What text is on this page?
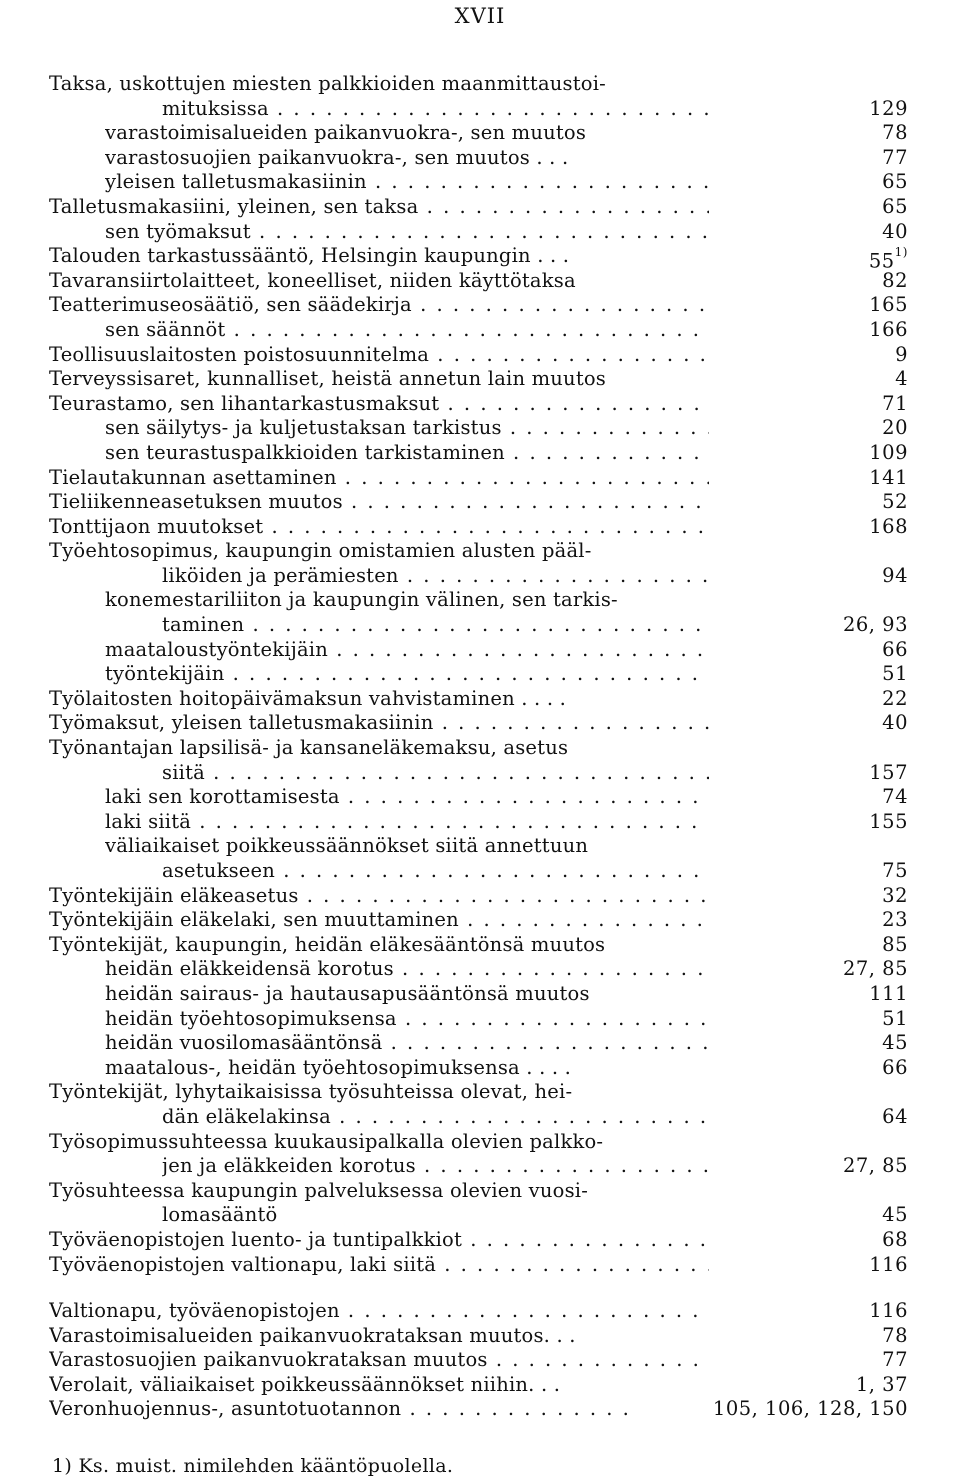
XVII
Taksa, uskottujen miesten palkkioiden maanmittaustoi-
mituksissa . . .	129
varastoimisalueiden paikanvuokra-, sen muutos	78
varastosuojien paikanvuokra-, sen muutos . . .	77
yleisen talletusmakasiinin . . .	65
Talletusmakasiini, yleinen, sen taksa . . .	65
sen työmaksut . . .	40
Talouden tarkastussääntö, Helsingin kaupungin . . .	55$^{1)}$
Tavaransiirtolaitteet, koneelliset, niiden käyttötaksa	82
Teatterimuseosäätiö, sen säädekirja . . .	165
sen säännöt . . .	166
Teollisuuslaitosten poistosuunnitelma . . .	9
Terveyssisaret, kunnalliset, heistä annetun lain muutos	4
Teurastamo, sen lihantarkastusmaksut . . .	71
sen säilytys- ja kuljetustaksan tarkistus . . .	20
sen teurastuspalkkioiden tarkistaminen . . .	109
Tielautakunnan asettaminen . . .	141
Tieliikenneasetuksen muutos . . .	52
Tonttijaon muutokset . . .	168
Työehtosopimus, kaupungin omistamien alusten pääl-
liköiden ja perämiesten . . .	94
konemestariliiton ja kaupungin välinen, sen tarkis-
taminen . . .	26, 93
maataloustyöntekijäin . . .	66
työntekijäin . . .	51
Työlaitosten hoitopäivämaksun vahvistaminen . . . .	22
Työmaksut, yleisen talletusmakasiinin . . .	40
Työnantajan lapsilisä- ja kansaneläkemaksu, asetus
siitä . . .	157
laki sen korottamisesta . . .	74
laki siitä . . .	155
väliaikaiset poikkeussäännökset siitä annettuun
asetukseen . . .	75
Työntekijäin eläkeasetus . . .	32
Työntekijäin eläkelaki, sen muuttaminen . . .	23
Työntekijät, kaupungin, heidän eläkesääntönsä muutos	85
heidän eläkkeidensä korotus . . .	27, 85
heidän sairaus- ja hautausapusääntönsä muutos	111
heidän työehtosopimuksensa . . .	51
heidän vuosilomasääntönsä . . .	45
maatalous-, heidän työehtosopimuksensa . . . .	66
Työntekijät, lyhytaikaisissa työsuhteissa olevat, hei-
dän eläkelakinsa . . .	64
Työsopimussuhteessa kuukausipalkalla olevien palkko-
jen ja eläkkeiden korotus . . .	27, 85
Työsuhteessa kaupungin palveluksessa olevien vuosi-
lomasääntö	45
Työväenopistojen luento- ja tuntipalkkiot . . .	68
Työväenopistojen valtionapu, laki siitä . . .	116
Valtionapu, työväenopistojen . . .	116
Varastoimisalueiden paikanvuokrataksan muutos. . .	78
Varastosuojien paikanvuokrataksan muutos . . .	77
Verolait, väliaikaiset poikkeussäännökset niihin. . .	1, 37
Veronhuojennus-, asuntotuotannon . . .	105, 106, 128, 150
1) Ks. muist. nimilehden kääntöpuolella.
